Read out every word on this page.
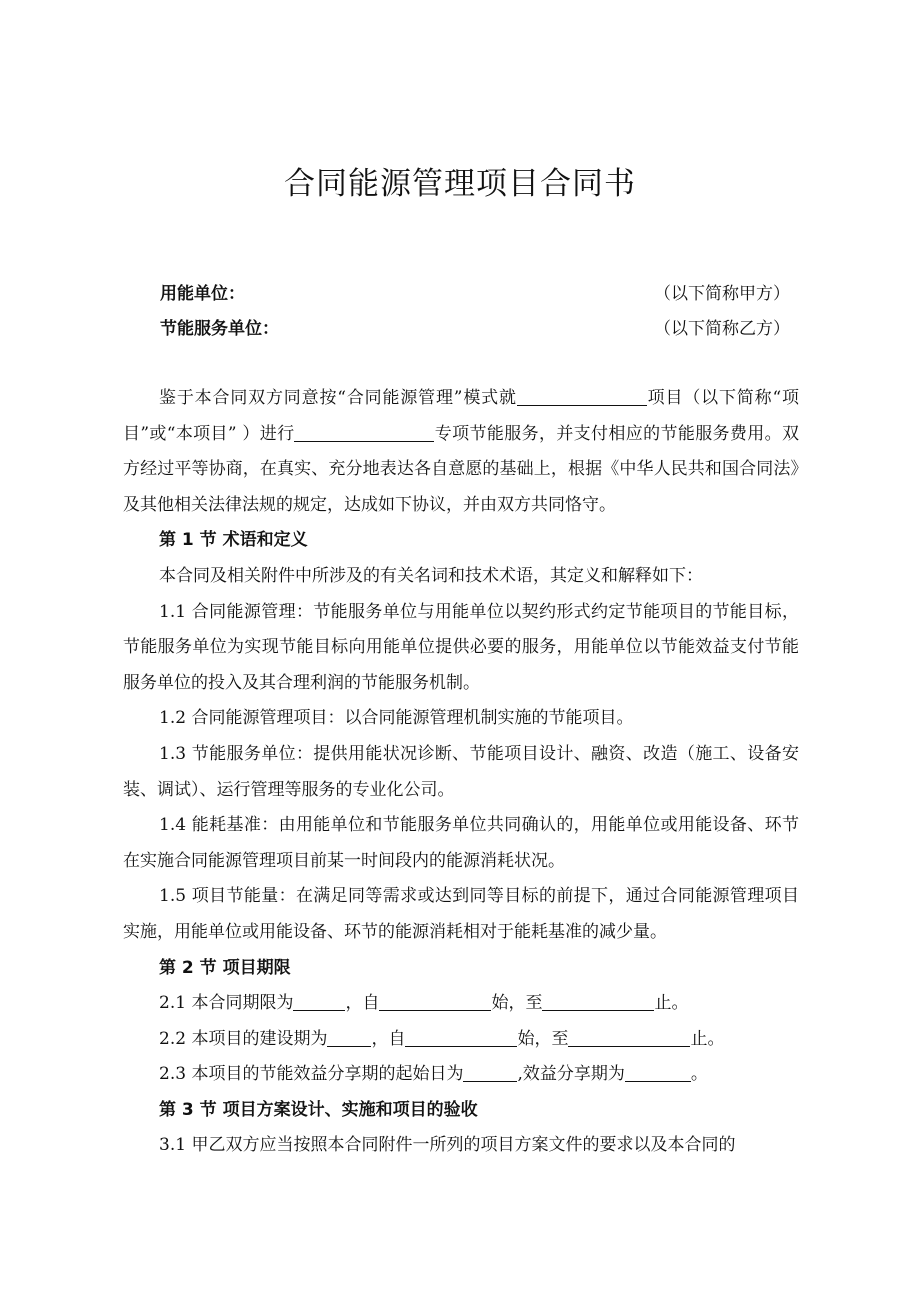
合同能源管理项目合同书
用能单位：	（以下简称甲方）
节能服务单位：	（以下简称乙方）

鉴于本合同双方同意按“合同能源管理”模式就	项目（以下简称“项目”或“本项目” ）进行	专项节能服务，并支付相应的节能服务费用。双方经过平等协商，在真实、充分地表达各自意愿的基础上，根据《中华人民共和国合同法》及其他相关法律法规的规定，达成如下协议，并由双方共同恪守。

第 1 节 术语和定义

本合同及相关附件中所涉及的有关名词和技术术语，其定义和解释如下：

1.1 合同能源管理：节能服务单位与用能单位以契约形式约定节能项目的节能目标，节能服务单位为实现节能目标向用能单位提供必要的服务，用能单位以节能效益支付节能服务单位的投入及其合理利润的节能服务机制。

1.2 合同能源管理项目：以合同能源管理机制实施的节能项目。

1.3 节能服务单位：提供用能状况诊断、节能项目设计、融资、改造（施工、设备安装、调试）、运行管理等服务的专业化公司。

1.4 能耗基准：由用能单位和节能服务单位共同确认的，用能单位或用能设备、环节在实施合同能源管理项目前某一时间段内的能源消耗状况。

1.5 项目节能量：在满足同等需求或达到同等目标的前提下，通过合同能源管理项目实施，用能单位或用能设备、环节的能源消耗相对于能耗基准的减少量。

第 2 节 项目期限

2.1 本合同期限为	，自	始，至	止。

2.2 本项目的建设期为	，自	始，至	止。

2.3 本项目的节能效益分享期的起始日为	,效益分享期为	。

第 3 节 项目方案设计、实施和项目的验收

3.1 甲乙双方应当按照本合同附件一所列的项目方案文件的要求以及本合同的
